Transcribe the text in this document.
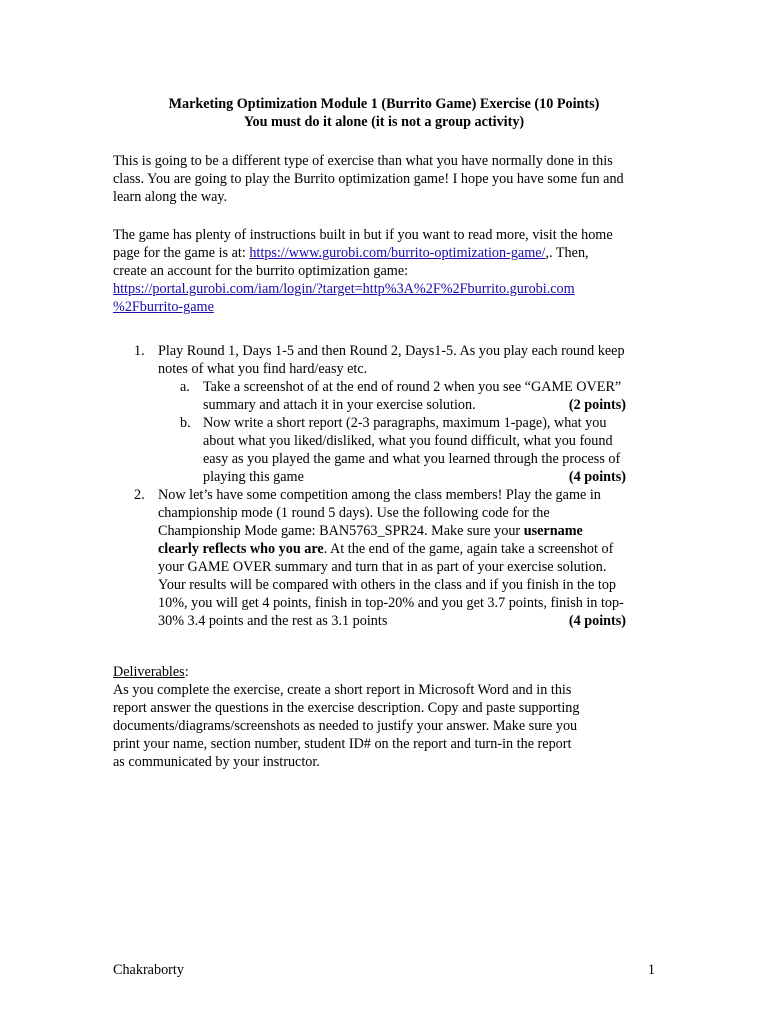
Marketing Optimization Module 1 (Burrito Game) Exercise (10 Points)
You must do it alone (it is not a group activity)
This is going to be a different type of exercise than what you have normally done in this
class. You are going to play the Burrito optimization game! I hope you have some fun and
learn along the way.
The game has plenty of instructions built in but if you want to read more, visit the home
page for the game is at: https://www.gurobi.com/burrito-optimization-game/,. Then,
create an account for the burrito optimization game:
https://portal.gurobi.com/iam/login/?target=http%3A%2F%2Fburrito.gurobi.com
%2Fburrito-game
1. Play Round 1, Days 1-5 and then Round 2, Days1-5. As you play each round keep
notes of what you find hard/easy etc.
a. Take a screenshot of at the end of round 2 when you see “GAME OVER”
summary and attach it in your exercise solution.	(2 points)
b. Now write a short report (2-3 paragraphs, maximum 1-page), what you
about what you liked/disliked, what you found difficult, what you found
easy as you played the game and what you learned through the process of
playing this game	(4 points)
2. Now let’s have some competition among the class members! Play the game in
championship mode (1 round 5 days). Use the following code for the
Championship Mode game: BAN5763_SPR24. Make sure your username
clearly reflects who you are. At the end of the game, again take a screenshot of
your GAME OVER summary and turn that in as part of your exercise solution.
Your results will be compared with others in the class and if you finish in the top
10%, you will get 4 points, finish in top-20% and you get 3.7 points, finish in top-
30% 3.4 points and the rest as 3.1 points	(4 points)
Deliverables:
As you complete the exercise, create a short report in Microsoft Word and in this
report answer the questions in the exercise description. Copy and paste supporting
documents/diagrams/screenshots as needed to justify your answer. Make sure you
print your name, section number, student ID# on the report and turn-in the report
as communicated by your instructor.
Chakraborty	1
